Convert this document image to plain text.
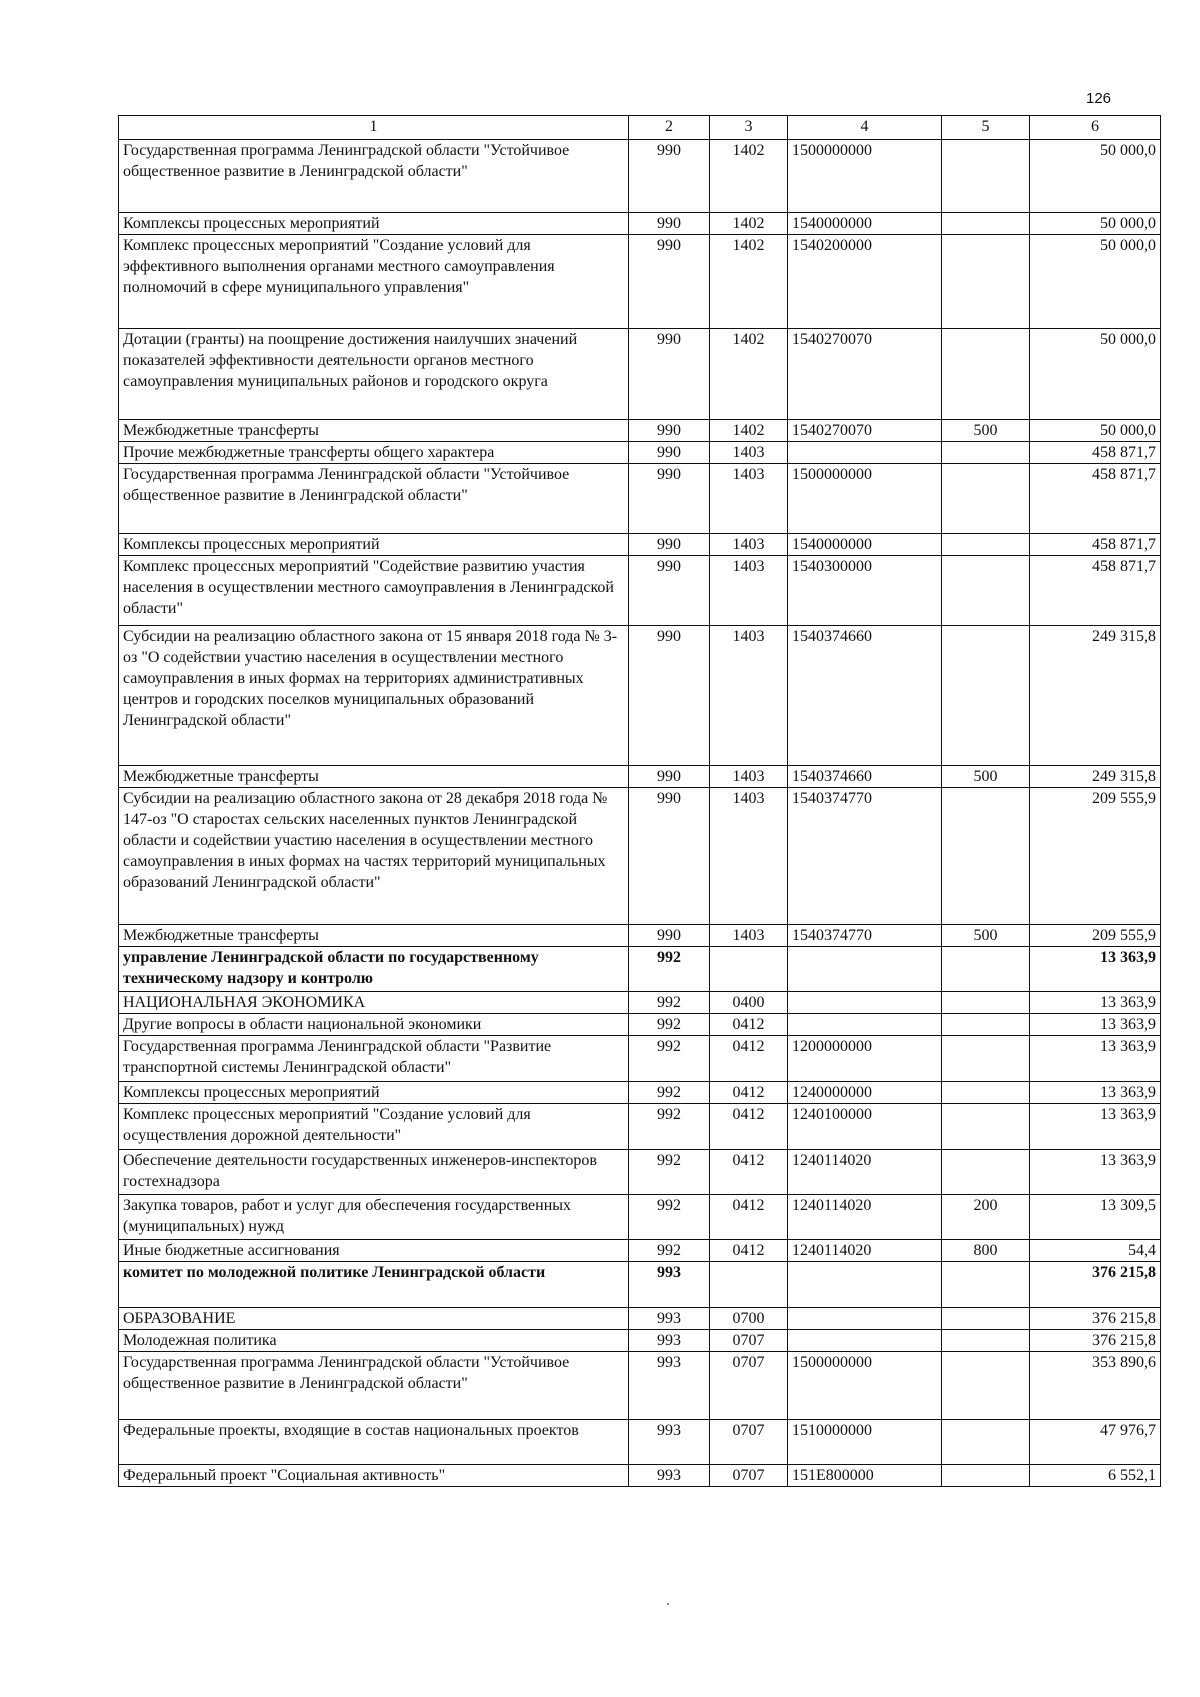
126
1	2	3	4	5	6
Государственная программа Ленинградской области "Устойчивое общественное развитие в Ленинградской области"	990	1402	1500000000		50 000,0
Комплексы процессных мероприятий	990	1402	1540000000		50 000,0
Комплекс процессных мероприятий "Создание условий для эффективного выполнения органами местного самоуправления полномочий в сфере муниципального управления"	990	1402	1540200000		50 000,0
Дотации (гранты) на поощрение достижения наилучших значений показателей эффективности деятельности органов местного самоуправления муниципальных районов и городского округа	990	1402	1540270070		50 000,0
Межбюджетные трансферты	990	1402	1540270070	500	50 000,0
Прочие межбюджетные трансферты общего характера	990	1403			458 871,7
Государственная программа Ленинградской области "Устойчивое общественное развитие в Ленинградской области"	990	1403	1500000000		458 871,7
Комплексы процессных мероприятий	990	1403	1540000000		458 871,7
Комплекс процессных мероприятий "Содействие развитию участия населения в осуществлении местного самоуправления в Ленинградской области"	990	1403	1540300000		458 871,7
Субсидии на реализацию областного закона от 15 января 2018 года № 3-оз "О содействии участию населения в осуществлении местного самоуправления в иных формах на территориях административных центров и городских поселков муниципальных образований Ленинградской области"	990	1403	1540374660		249 315,8
Межбюджетные трансферты	990	1403	1540374660	500	249 315,8
Субсидии на реализацию областного закона от 28 декабря 2018 года № 147-оз "О старостах сельских населенных пунктов Ленинградской области и содействии участию населения в осуществлении местного самоуправления в иных формах на частях территорий муниципальных образований Ленинградской области"	990	1403	1540374770		209 555,9
Межбюджетные трансферты	990	1403	1540374770	500	209 555,9
управление Ленинградской области по государственному техническому надзору и контролю	992				13 363,9
НАЦИОНАЛЬНАЯ ЭКОНОМИКА	992	0400			13 363,9
Другие вопросы в области национальной экономики	992	0412			13 363,9
Государственная программа Ленинградской области "Развитие транспортной системы Ленинградской области"	992	0412	1200000000		13 363,9
Комплексы процессных мероприятий	992	0412	1240000000		13 363,9
Комплекс процессных мероприятий "Создание условий для осуществления дорожной деятельности"	992	0412	1240100000		13 363,9
Обеспечение деятельности государственных инженеров-инспекторов гостехнадзора	992	0412	1240114020		13 363,9
Закупка товаров, работ и услуг для обеспечения государственных (муниципальных) нужд	992	0412	1240114020	200	13 309,5
Иные бюджетные ассигнования	992	0412	1240114020	800	54,4
комитет по молодежной политике Ленинградской области	993				376 215,8
ОБРАЗОВАНИЕ	993	0700			376 215,8
Молодежная политика	993	0707			376 215,8
Государственная программа Ленинградской области "Устойчивое общественное развитие в Ленинградской области"	993	0707	1500000000		353 890,6
Федеральные проекты, входящие в состав национальных проектов	993	0707	1510000000		47 976,7
Федеральный проект "Социальная активность"	993	0707	151E800000		6 552,1
